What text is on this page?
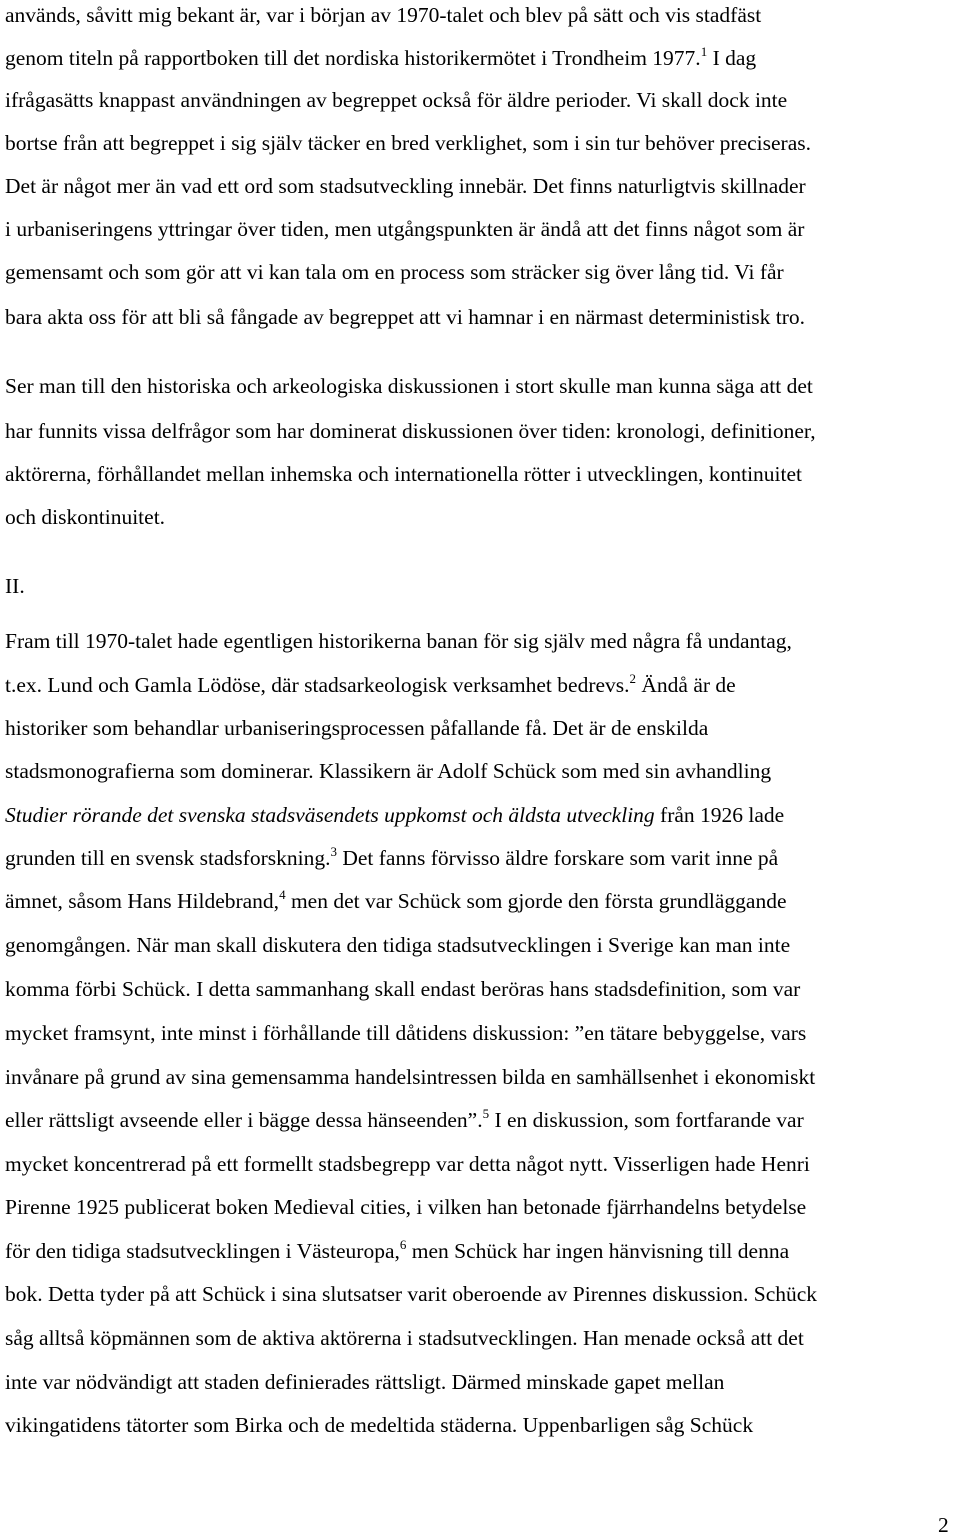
används, såvitt mig bekant är, var i början av 1970-talet och blev på sätt och vis stadfäst
genom titeln på rapportboken till det nordiska historikermötet i Trondheim 1977.$^1$ I dag
ifrågasätts knappast användningen av begreppet också för äldre perioder. Vi skall dock inte
bortse från att begreppet i sig själv täcker en bred verklighet, som i sin tur behöver preciseras.
Det är något mer än vad ett ord som stadsutveckling innebär. Det finns naturligtvis skillnader
i urbaniseringens yttringar över tiden, men utgångspunkten är ändå att det finns något som är
gemensamt och som gör att vi kan tala om en process som sträcker sig över lång tid. Vi får
bara akta oss för att bli så fångade av begreppet att vi hamnar i en närmast deterministisk tro.
Ser man till den historiska och arkeologiska diskussionen i stort skulle man kunna säga att det
har funnits vissa delfrågor som har dominerat diskussionen över tiden: kronologi, definitioner,
aktörerna, förhållandet mellan inhemska och internationella rötter i utvecklingen, kontinuitet
och diskontinuitet.
II.
Fram till 1970-talet hade egentligen historikerna banan för sig själv med några få undantag,
t.ex. Lund och Gamla Lödöse, där stadsarkeologisk verksamhet bedrevs.$^2$ Ändå är de
historiker som behandlar urbaniseringsprocessen påfallande få. Det är de enskilda
stadsmonografierna som dominerar. Klassikern är Adolf Schück som med sin avhandling
Studier rörande det svenska stadsväsendets uppkomst och äldsta utveckling från 1926 lade
grunden till en svensk stadsforskning.$^3$ Det fanns förvisso äldre forskare som varit inne på
ämnet, såsom Hans Hildebrand,$^4$ men det var Schück som gjorde den första grundläggande
genomgången. När man skall diskutera den tidiga stadsutvecklingen i Sverige kan man inte
komma förbi Schück. I detta sammanhang skall endast beröras hans stadsdefinition, som var
mycket framsynt, inte minst i förhållande till dåtidens diskussion: ”en tätare bebyggelse, vars
invånare på grund av sina gemensamma handelsintressen bilda en samhällsenhet i ekonomiskt
eller rättsligt avseende eller i bägge dessa hänseenden”.$^5$ I en diskussion, som fortfarande var
mycket koncentrerad på ett formellt stadsbegrepp var detta något nytt. Visserligen hade Henri
Pirenne 1925 publicerat boken Medieval cities, i vilken han betonade fjärrhandelns betydelse
för den tidiga stadsutvecklingen i Västeuropa,$^6$ men Schück har ingen hänvisning till denna
bok. Detta tyder på att Schück i sina slutsatser varit oberoende av Pirennes diskussion. Schück
såg alltså köpmännen som de aktiva aktörerna i stadsutvecklingen. Han menade också att det
inte var nödvändigt att staden definierades rättsligt. Därmed minskade gapet mellan
vikingatidens tätorter som Birka och de medeltida städerna. Uppenbarligen såg Schück
2
